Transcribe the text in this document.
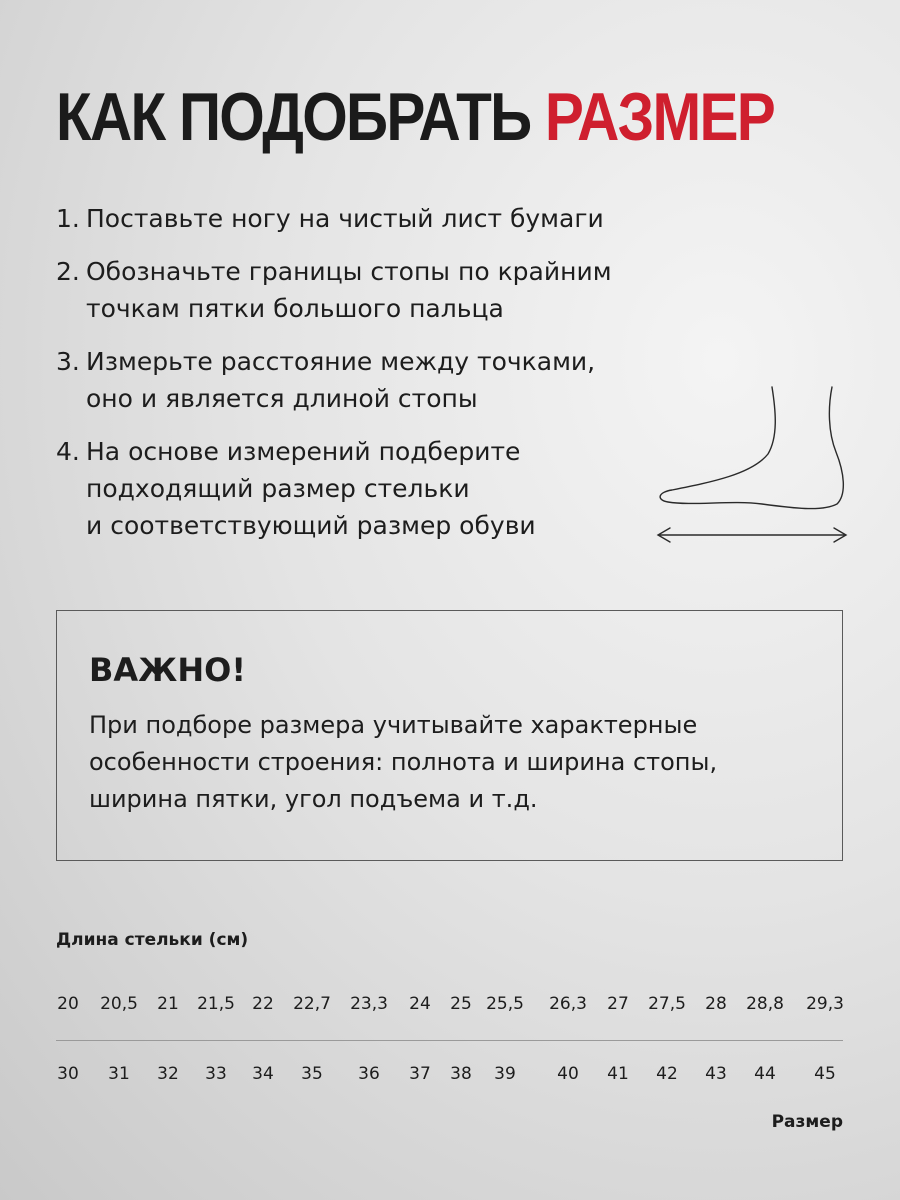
КАК ПОДОБРАТЬ РАЗМЕР
1. Поставьте ногу на чистый лист бумаги
2. Обозначьте границы стопы по крайним
точкам пятки большого пальца
3. Измерьте расстояние между точками,
оно и является длиной стопы
4. На основе измерений подберите
подходящий размер стельки
и соответствующий размер обуви

ВАЖНО!

При подборе размера учитывайте характерные
особенности строения: полнота и ширина стопы,
ширина пятки, угол подъема и т.д.

Длина стельки (см)
20 20,5 21 21,5 22 22,7 23,3 24 25 25,5 26,3 27 27,5 28 28,8 29,3
30 31 32 33 34 35 36 37 38 39 40 41 42 43 44 45
Размер
